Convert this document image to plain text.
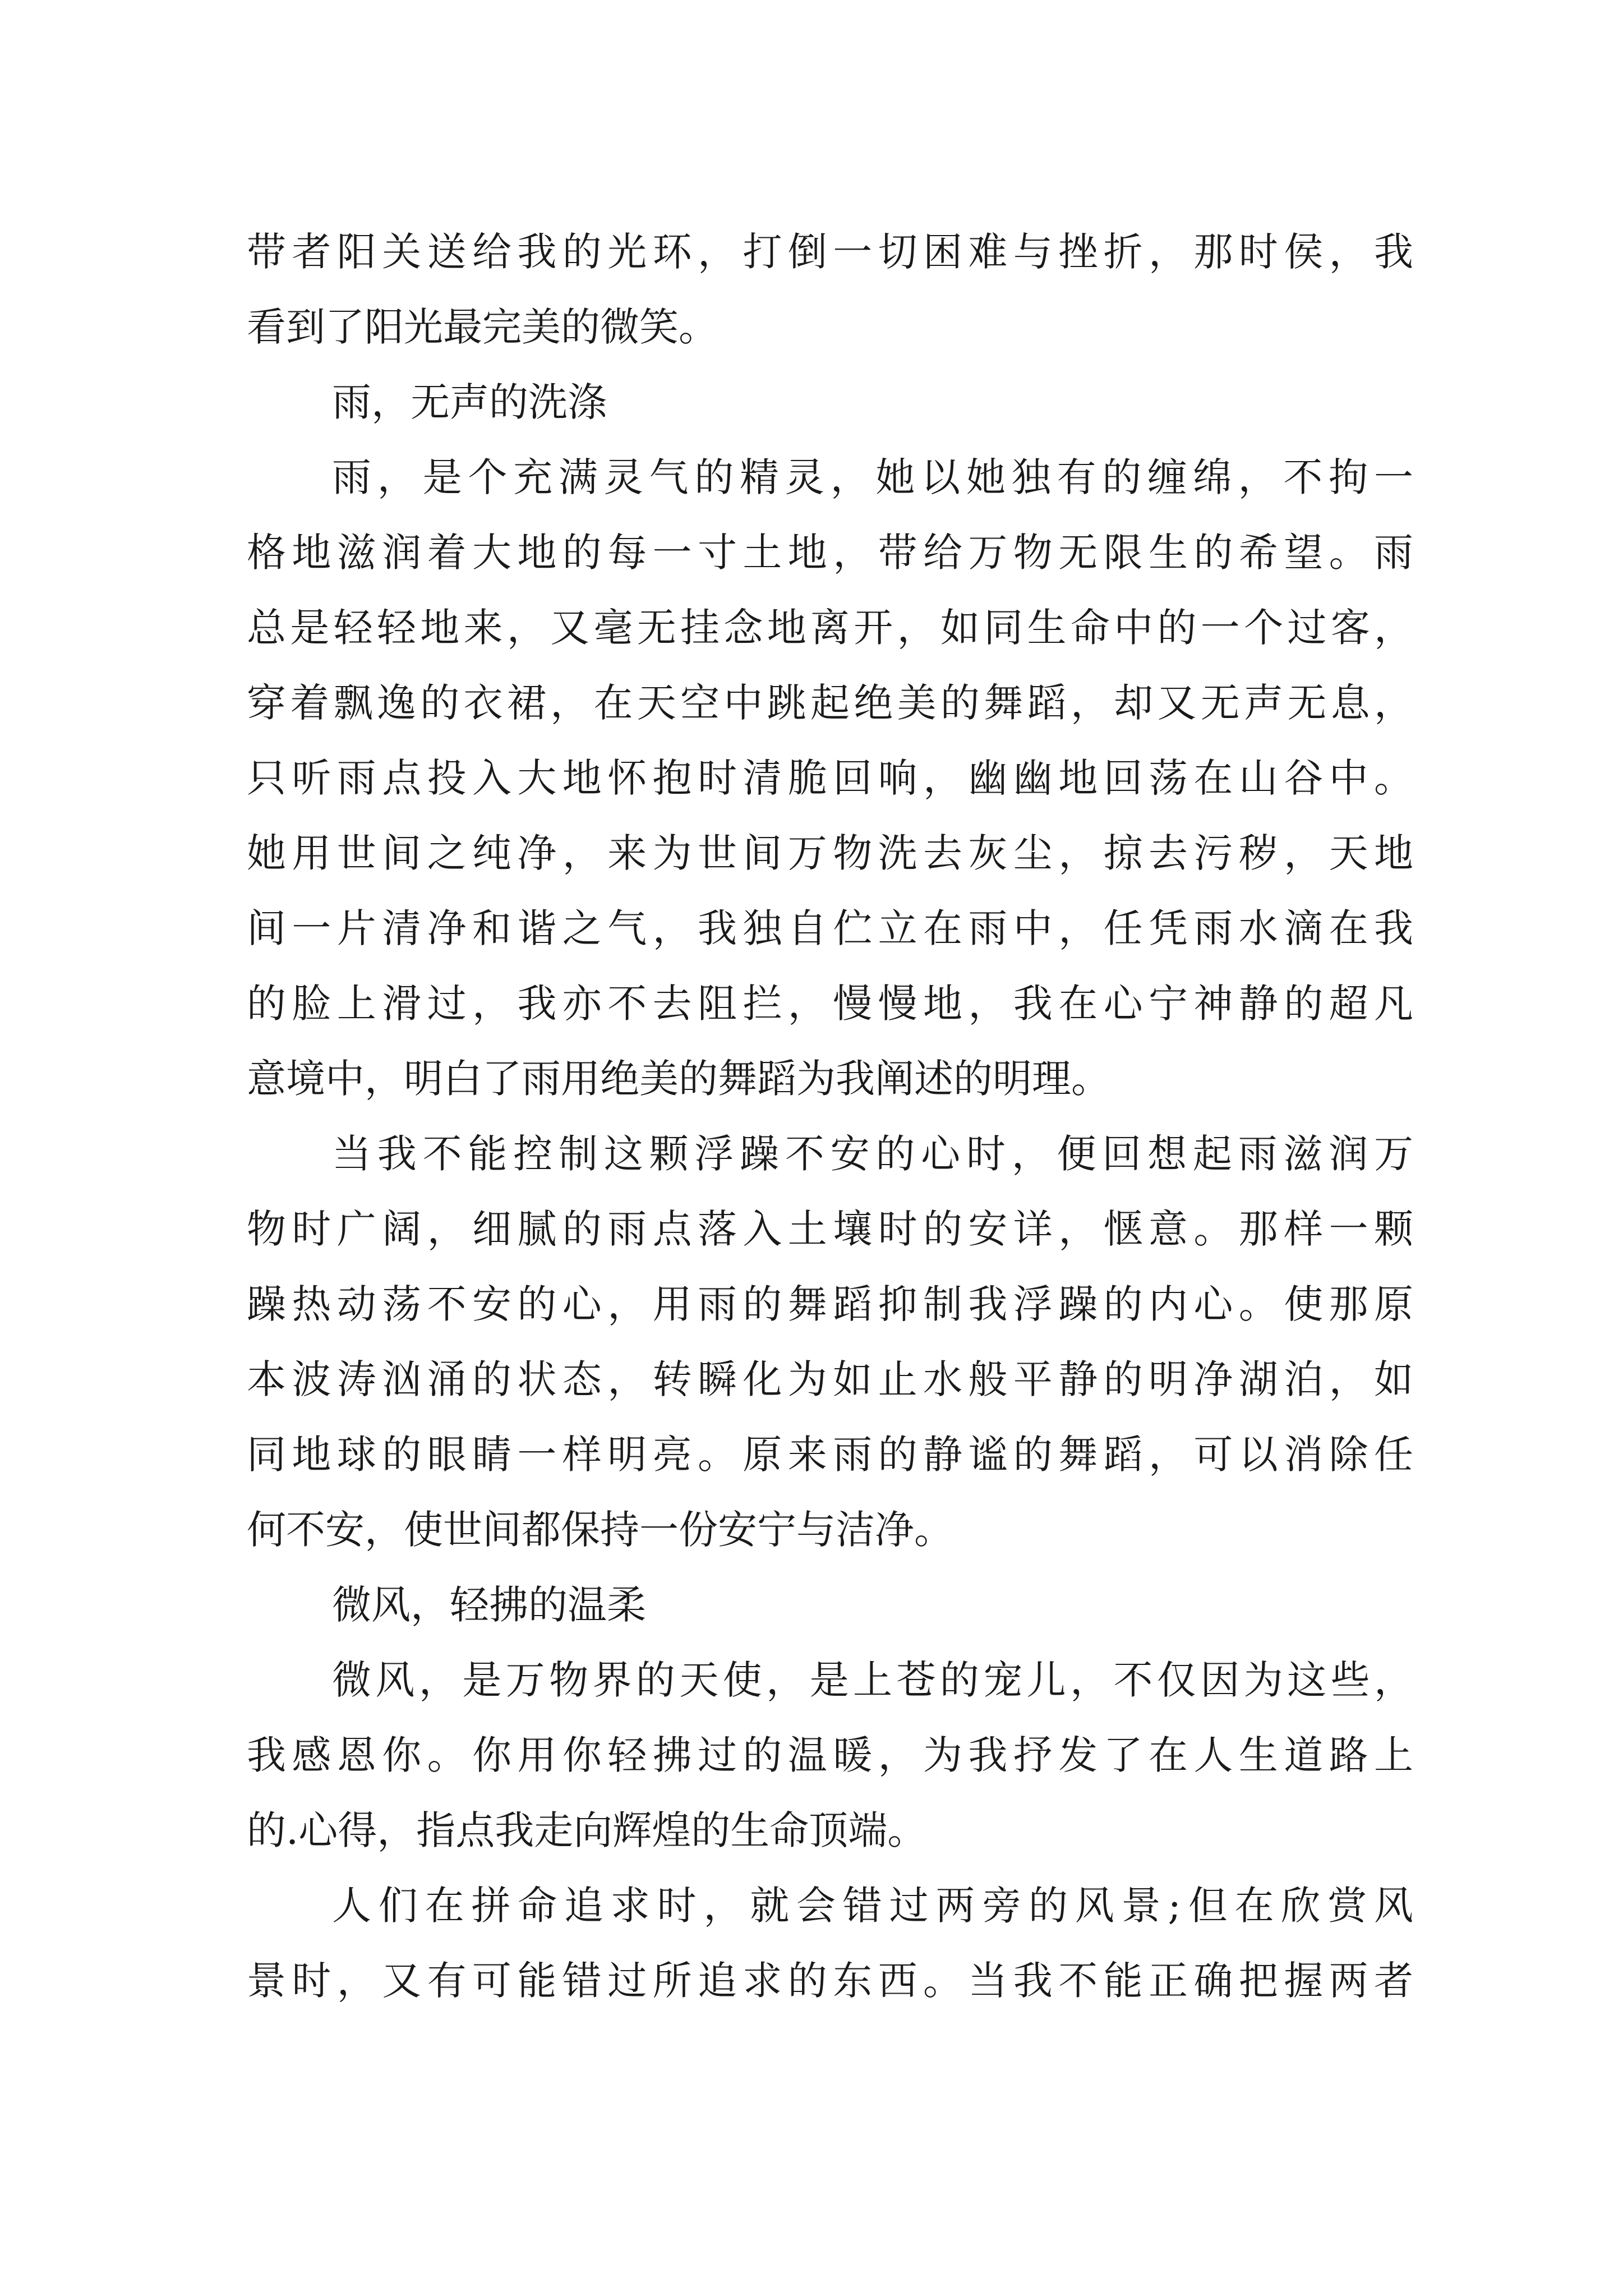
带者阳关送给我的光环，打倒一切困难与挫折，那时侯，我
看到了阳光最完美的微笑。
雨，无声的洗涤
雨，是个充满灵气的精灵，她以她独有的缠绵，不拘一
格地滋润着大地的每一寸土地，带给万物无限生的希望。雨
总是轻轻地来，又毫无挂念地离开，如同生命中的一个过客，
穿着飘逸的衣裙，在天空中跳起绝美的舞蹈，却又无声无息，
只听雨点投入大地怀抱时清脆回响，幽幽地回荡在山谷中。
她用世间之纯净，来为世间万物洗去灰尘，掠去污秽，天地
间一片清净和谐之气，我独自伫立在雨中，任凭雨水滴在我
的脸上滑过，我亦不去阻拦，慢慢地，我在心宁神静的超凡
意境中，明白了雨用绝美的舞蹈为我阐述的明理。
当我不能控制这颗浮躁不安的心时，便回想起雨滋润万
物时广阔，细腻的雨点落入土壤时的安详，惬意。那样一颗
躁热动荡不安的心，用雨的舞蹈抑制我浮躁的内心。使那原
本波涛汹涌的状态，转瞬化为如止水般平静的明净湖泊，如
同地球的眼睛一样明亮。原来雨的静谧的舞蹈，可以消除任
何不安，使世间都保持一份安宁与洁净。
微风，轻拂的温柔
微风，是万物界的天使，是上苍的宠儿，不仅因为这些，
我感恩你。你用你轻拂过的温暖，为我抒发了在人生道路上
的.心得，指点我走向辉煌的生命顶端。
人们在拼命追求时，就会错过两旁的风景;但在欣赏风
景时，又有可能错过所追求的东西。当我不能正确把握两者
